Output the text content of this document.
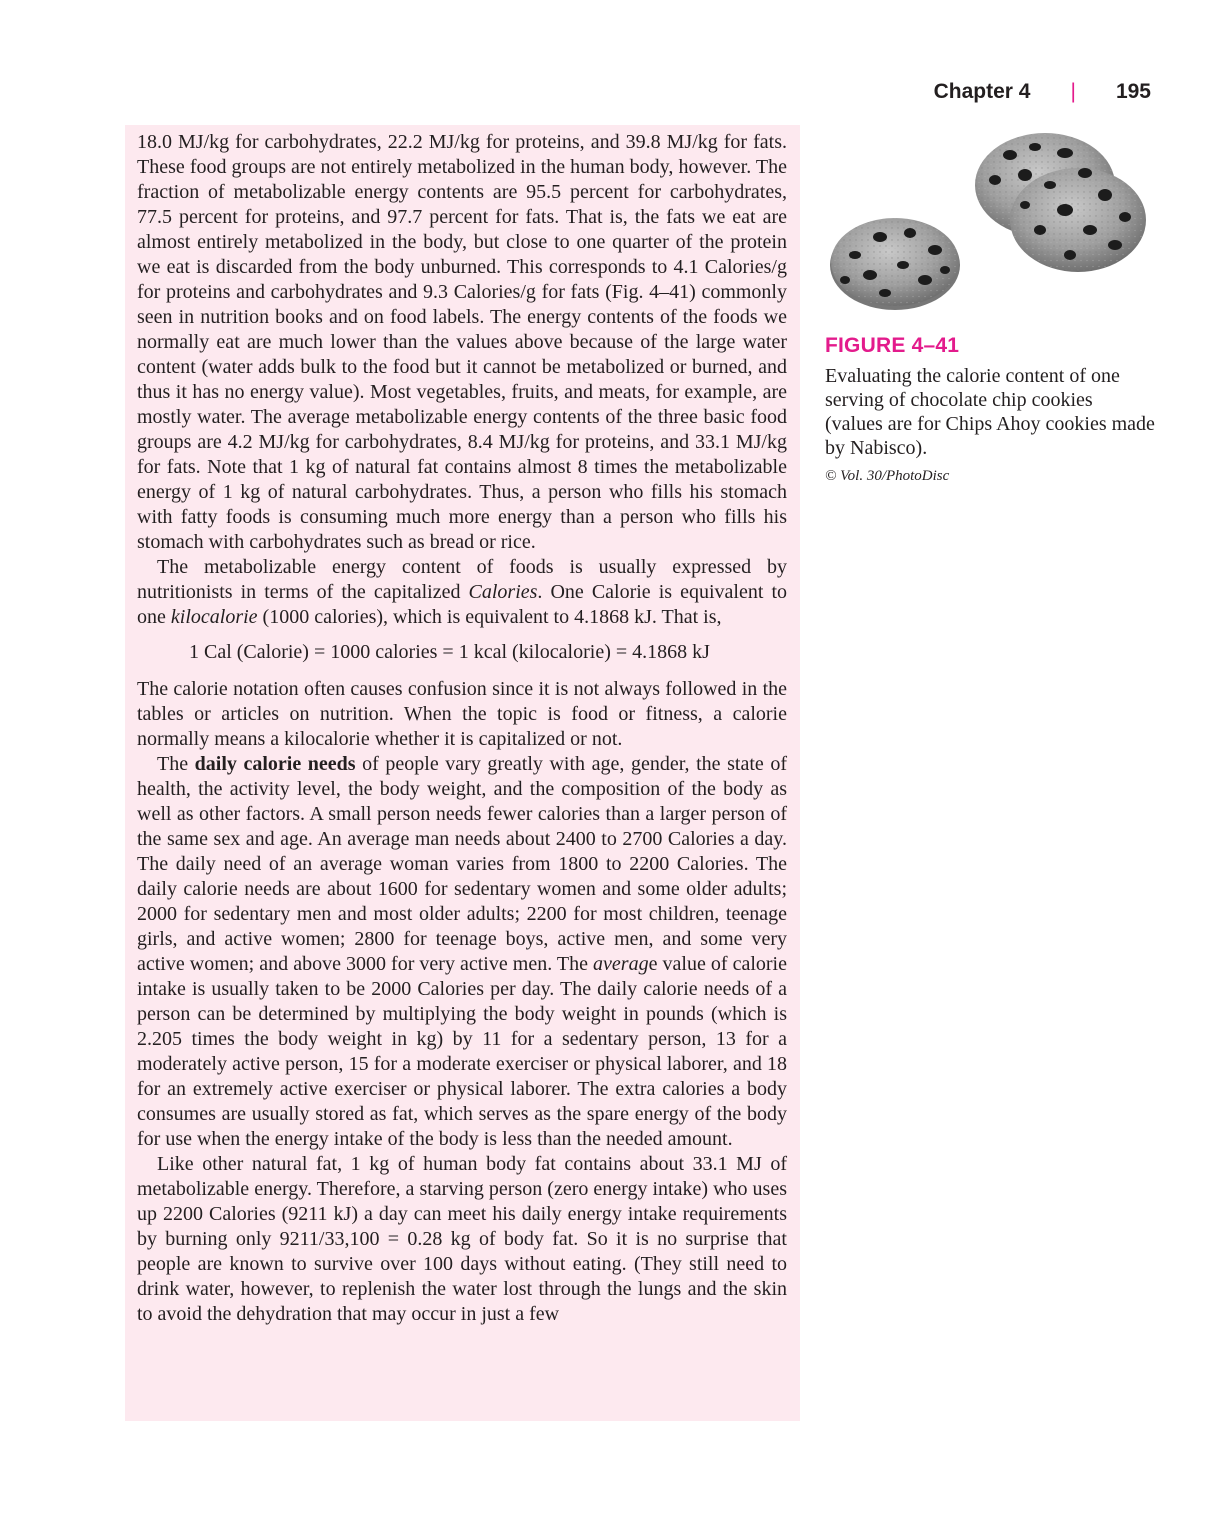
Chapter 4 | 195

18.0 MJ/kg for carbohydrates, 22.2 MJ/kg for proteins, and 39.8 MJ/kg for fats. These food groups are not entirely metabolized in the human body, however. The fraction of metabolizable energy contents are 95.5 percent for carbohydrates, 77.5 percent for proteins, and 97.7 percent for fats. That is, the fats we eat are almost entirely metabolized in the body, but close to one quarter of the protein we eat is discarded from the body unburned. This corresponds to 4.1 Calories/g for proteins and carbohydrates and 9.3 Calories/g for fats (Fig. 4–41) commonly seen in nutrition books and on food labels. The energy contents of the foods we normally eat are much lower than the values above because of the large water content (water adds bulk to the food but it cannot be metabolized or burned, and thus it has no energy value). Most vegetables, fruits, and meats, for example, are mostly water. The average metabolizable energy contents of the three basic food groups are 4.2 MJ/kg for carbohydrates, 8.4 MJ/kg for proteins, and 33.1 MJ/kg for fats. Note that 1 kg of natural fat contains almost 8 times the metabolizable energy of 1 kg of natural carbohydrates. Thus, a person who fills his stomach with fatty foods is consuming much more energy than a person who fills his stomach with carbohydrates such as bread or rice.

The metabolizable energy content of foods is usually expressed by nutritionists in terms of the capitalized Calories. One Calorie is equivalent to one kilocalorie (1000 calories), which is equivalent to 4.1868 kJ. That is,

1 Cal (Calorie) = 1000 calories = 1 kcal (kilocalorie) = 4.1868 kJ

The calorie notation often causes confusion since it is not always followed in the tables or articles on nutrition. When the topic is food or fitness, a calorie normally means a kilocalorie whether it is capitalized or not.

The daily calorie needs of people vary greatly with age, gender, the state of health, the activity level, the body weight, and the composition of the body as well as other factors. A small person needs fewer calories than a larger person of the same sex and age. An average man needs about 2400 to 2700 Calories a day. The daily need of an average woman varies from 1800 to 2200 Calories. The daily calorie needs are about 1600 for sedentary women and some older adults; 2000 for sedentary men and most older adults; 2200 for most children, teenage girls, and active women; 2800 for teenage boys, active men, and some very active women; and above 3000 for very active men. The average value of calorie intake is usually taken to be 2000 Calories per day. The daily calorie needs of a person can be determined by multiplying the body weight in pounds (which is 2.205 times the body weight in kg) by 11 for a sedentary person, 13 for a moderately active person, 15 for a moderate exerciser or physical laborer, and 18 for an extremely active exerciser or physical laborer. The extra calories a body consumes are usually stored as fat, which serves as the spare energy of the body for use when the energy intake of the body is less than the needed amount.

Like other natural fat, 1 kg of human body fat contains about 33.1 MJ of metabolizable energy. Therefore, a starving person (zero energy intake) who uses up 2200 Calories (9211 kJ) a day can meet his daily energy intake requirements by burning only 9211/33,100 = 0.28 kg of body fat. So it is no surprise that people are known to survive over 100 days without eating. (They still need to drink water, however, to replenish the water lost through the lungs and the skin to avoid the dehydration that may occur in just a few

FIGURE 4–41
Evaluating the calorie content of one serving of chocolate chip cookies (values are for Chips Ahoy cookies made by Nabisco).
© Vol. 30/PhotoDisc
